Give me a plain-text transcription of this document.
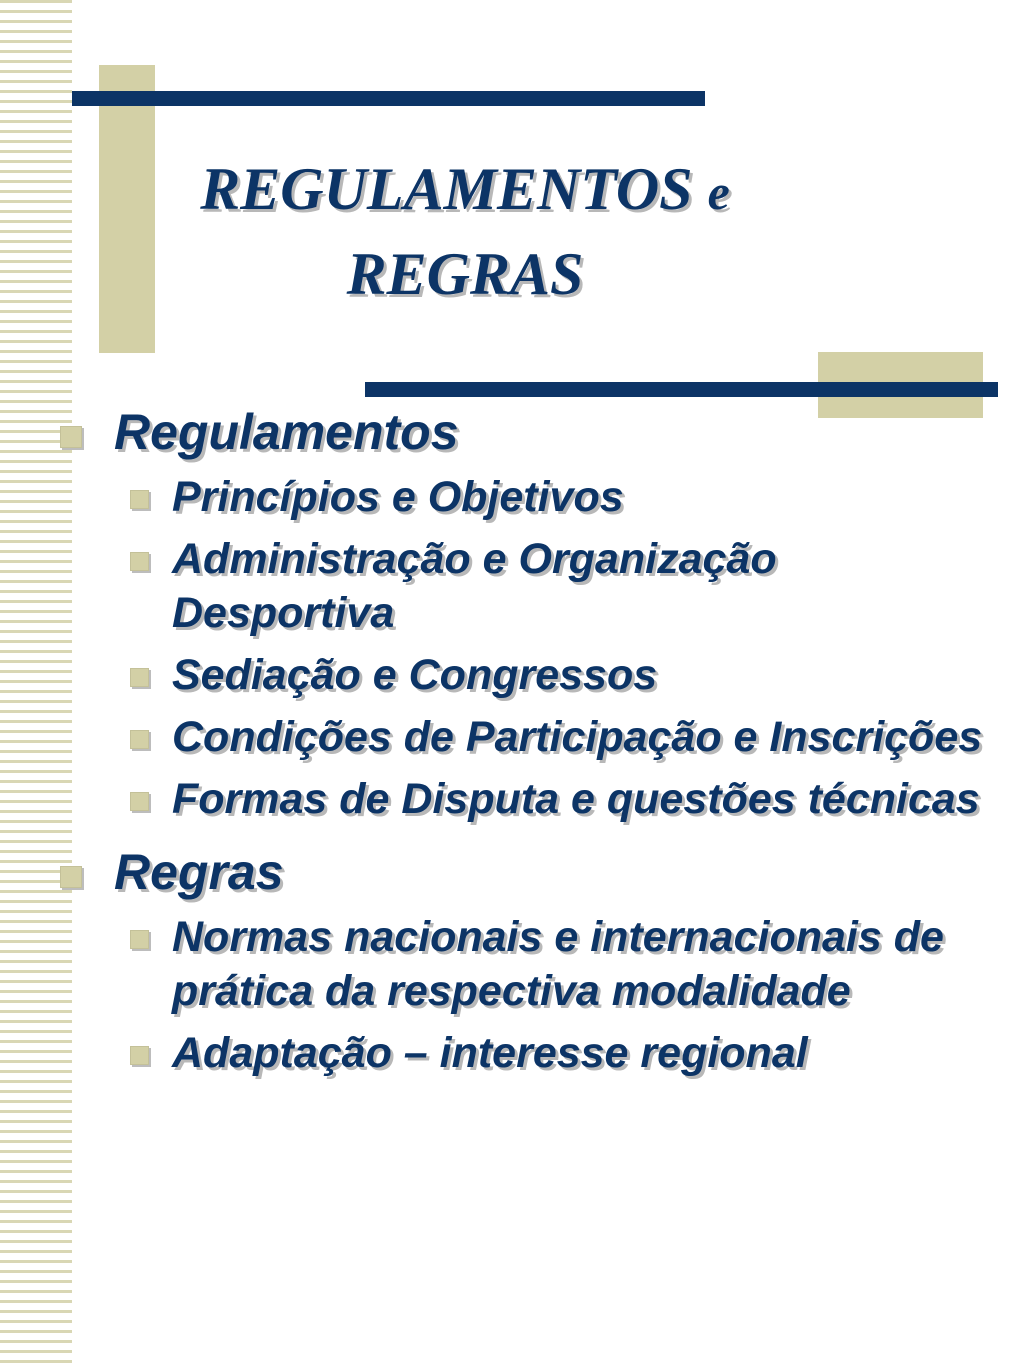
REGULAMENTOS e
REGRAS
Regulamentos
Princípios e Objetivos
Administração e Organização Desportiva
Sediação e Congressos
Condições de Participação e Inscrições
Formas de Disputa e questões técnicas
Regras
Normas nacionais e internacionais de prática da respectiva modalidade
Adaptação – interesse regional
